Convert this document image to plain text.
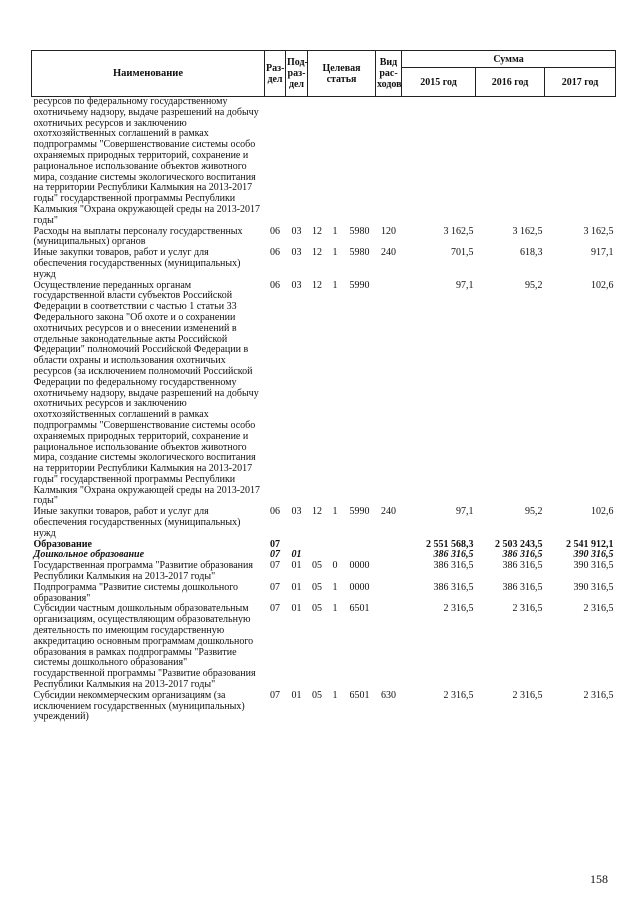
Наименование	Раз-дел	Под-раз-дел	Целевая статья			Вид рас-ходов	Сумма		
							2015 год	2016 год	2017 год
ресурсов по федеральному государственному охотничьему надзору, выдаче разрешений на добычу охотничьих ресурсов и заключению охотхозяйственных соглашений в рамках подпрограммы "Совершенствование системы особо охраняемых природных территорий, сохранение и рациональное использование объектов животного мира, создание системы экологического воспитания на территории Республики Калмыкия на 2013-2017 годы" государственной программы Республики Калмыкия "Охрана окружающей среды на 2013-2017 годы"									
Расходы на выплаты персоналу государственных (муниципальных) органов	06	03	12	1	5980	120	3 162,5	3 162,5	3 162,5
Иные закупки товаров, работ и услуг для обеспечения государственных (муниципальных) нужд	06	03	12	1	5980	240	701,5	618,3	917,1
Осуществление переданных органам государственной власти субъектов Российской Федерации в соответствии с частью 1 статьи 33 Федерального закона "Об охоте и о сохранении охотничьих ресурсов и о внесении изменений в отдельные законодательные акты Российской Федерации" полномочий Российской Федерации в области охраны и использования охотничьих ресурсов (за исключением полномочий Российской Федерации по федеральному государственному охотничьему надзору, выдаче разрешений на добычу охотничьих ресурсов и заключению охотхозяйственных соглашений в рамках подпрограммы "Совершенствование системы особо охраняемых природных территорий, сохранение и рациональное использование объектов животного мира, создание системы экологического воспитания на территории Республики Калмыкия на 2013-2017 годы" государственной программы Республики Калмыкия "Охрана окружающей среды на 2013-2017 годы"	06	03	12	1	5990		97,1	95,2	102,6
Иные закупки товаров, работ и услуг для обеспечения государственных (муниципальных) нужд	06	03	12	1	5990	240	97,1	95,2	102,6
Образование	07						2 551 568,3	2 503 243,5	2 541 912,1
Дошкольное образование	07	01					386 316,5	386 316,5	390 316,5
Государственная программа "Развитие образования Республики Калмыкия на 2013-2017 годы"	07	01	05	0	0000		386 316,5	386 316,5	390 316,5
Подпрограмма "Развитие системы дошкольного образования"	07	01	05	1	0000		386 316,5	386 316,5	390 316,5
Субсидии частным дошкольным образовательным организациям, осуществляющим образовательную деятельность по имеющим государственную аккредитацию основным программам дошкольного образования в рамках подпрограммы "Развитие системы дошкольного образования" государственной программы "Развитие образования Республики Калмыкия на 2013-2017 годы"	07	01	05	1	6501		2 316,5	2 316,5	2 316,5
Субсидии некоммерческим организациям (за исключением государственных (муниципальных) учреждений)	07	01	05	1	6501	630	2 316,5	2 316,5	2 316,5
158
